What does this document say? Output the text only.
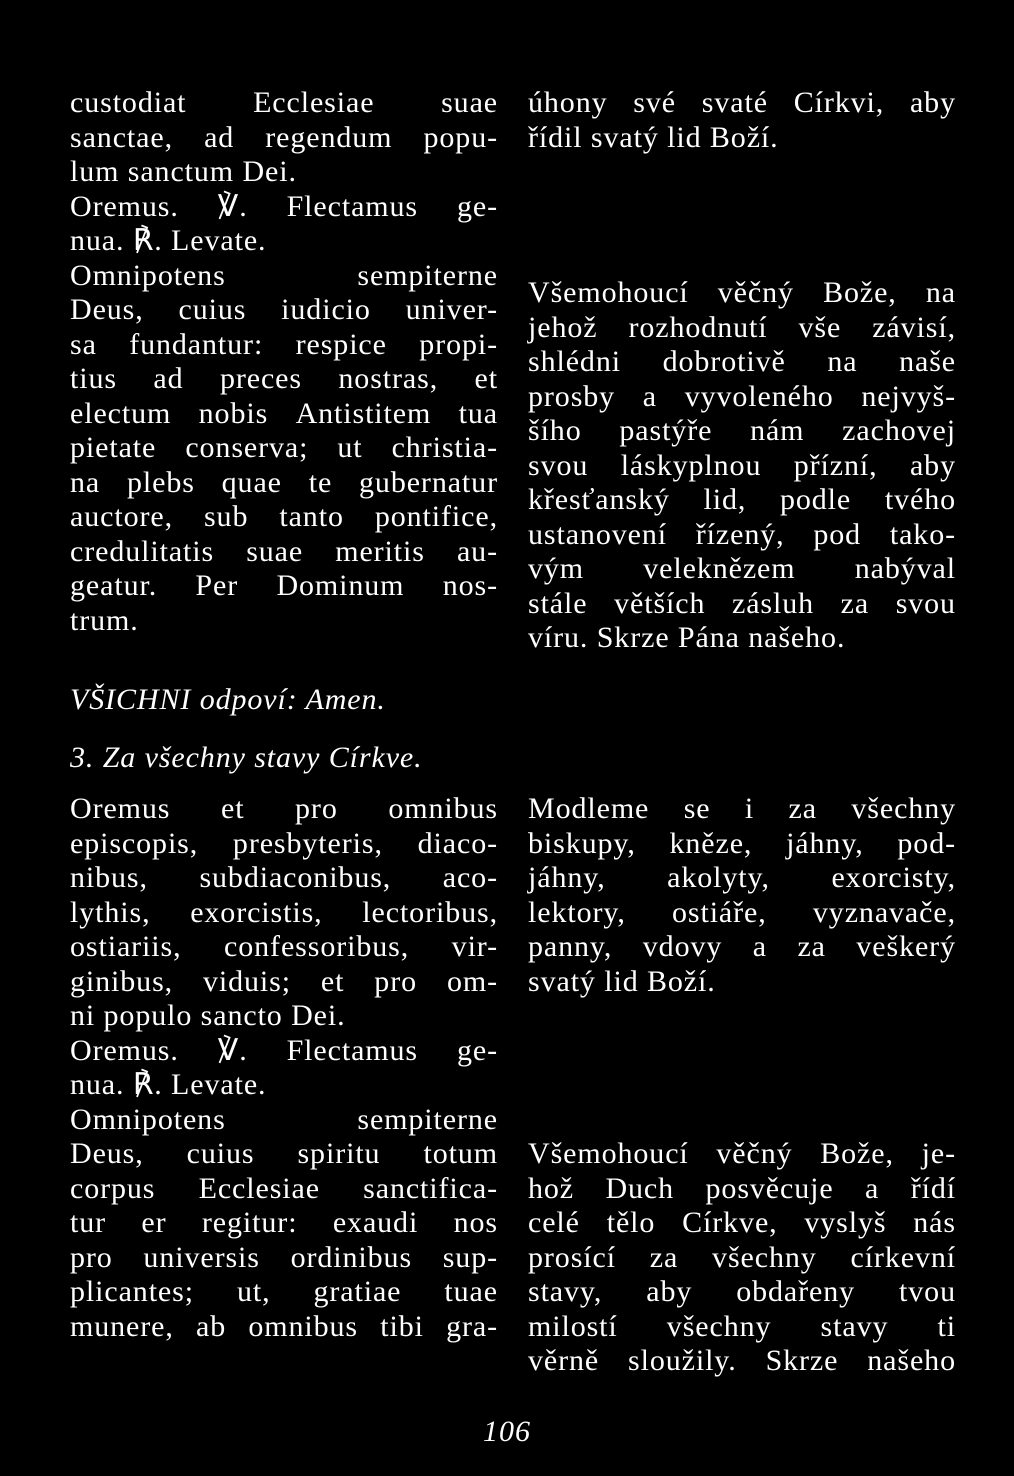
custodiat Ecclesiae suae
sanctae, ad regendum popu-
lum sanctum Dei.
Oremus. ℣. Flectamus ge-
nua. ℟. Levate.
Omnipotens	sempiterne
Deus, cuius iudicio univer-
sa fundantur: respice propi-
tius ad preces nostras, et
electum nobis Antistitem tua
pietate conserva; ut christia-
na plebs quae te gubernatur
auctore, sub tanto pontifice,
credulitatis suae meritis au-
geatur. Per Dominum nos-
trum.
VŠICHNI odpoví: Amen.
3. Za všechny stavy Církve.
Oremus et pro omnibus
episcopis, presbyteris, diaco-
nibus, subdiaconibus, aco-
lythis, exorcistis, lectoribus,
ostiariis, confessoribus, vir-
ginibus, viduis; et pro om-
ni populo sancto Dei.
Oremus. ℣. Flectamus ge-
nua. ℟. Levate.
Omnipotens	sempiterne
Deus, cuius spiritu totum
corpus Ecclesiae sanctifica-
tur er regitur: exaudi nos
pro universis ordinibus sup-
plicantes; ut, gratiae tuae
munere, ab omnibus tibi gra-
úhony své svaté Církvi, aby
řídil svatý lid Boží.
Všemohoucí věčný Bože, na
jehož rozhodnutí vše závisí,
shlédni dobrotivě na naše
prosby a vyvoleného nejvyš-
šího pastýře nám zachovej
svou láskyplnou přízní, aby
křesťanský lid, podle tvého
ustanovení řízený, pod tako-
vým veleknězem nabýval
stále větších zásluh za svou
víru. Skrze Pána našeho.
Modleme se i za všechny
biskupy, kněze, jáhny, pod-
jáhny, akolyty, exorcisty,
lektory, ostiáře, vyznavače,
panny, vdovy a za veškerý
svatý lid Boží.
Všemohoucí věčný Bože, je-
hož Duch posvěcuje a řídí
celé tělo Církve, vyslyš nás
prosící za všechny církevní
stavy, aby obdařeny tvou
milostí všechny stavy ti
věrně sloužily. Skrze našeho
106
